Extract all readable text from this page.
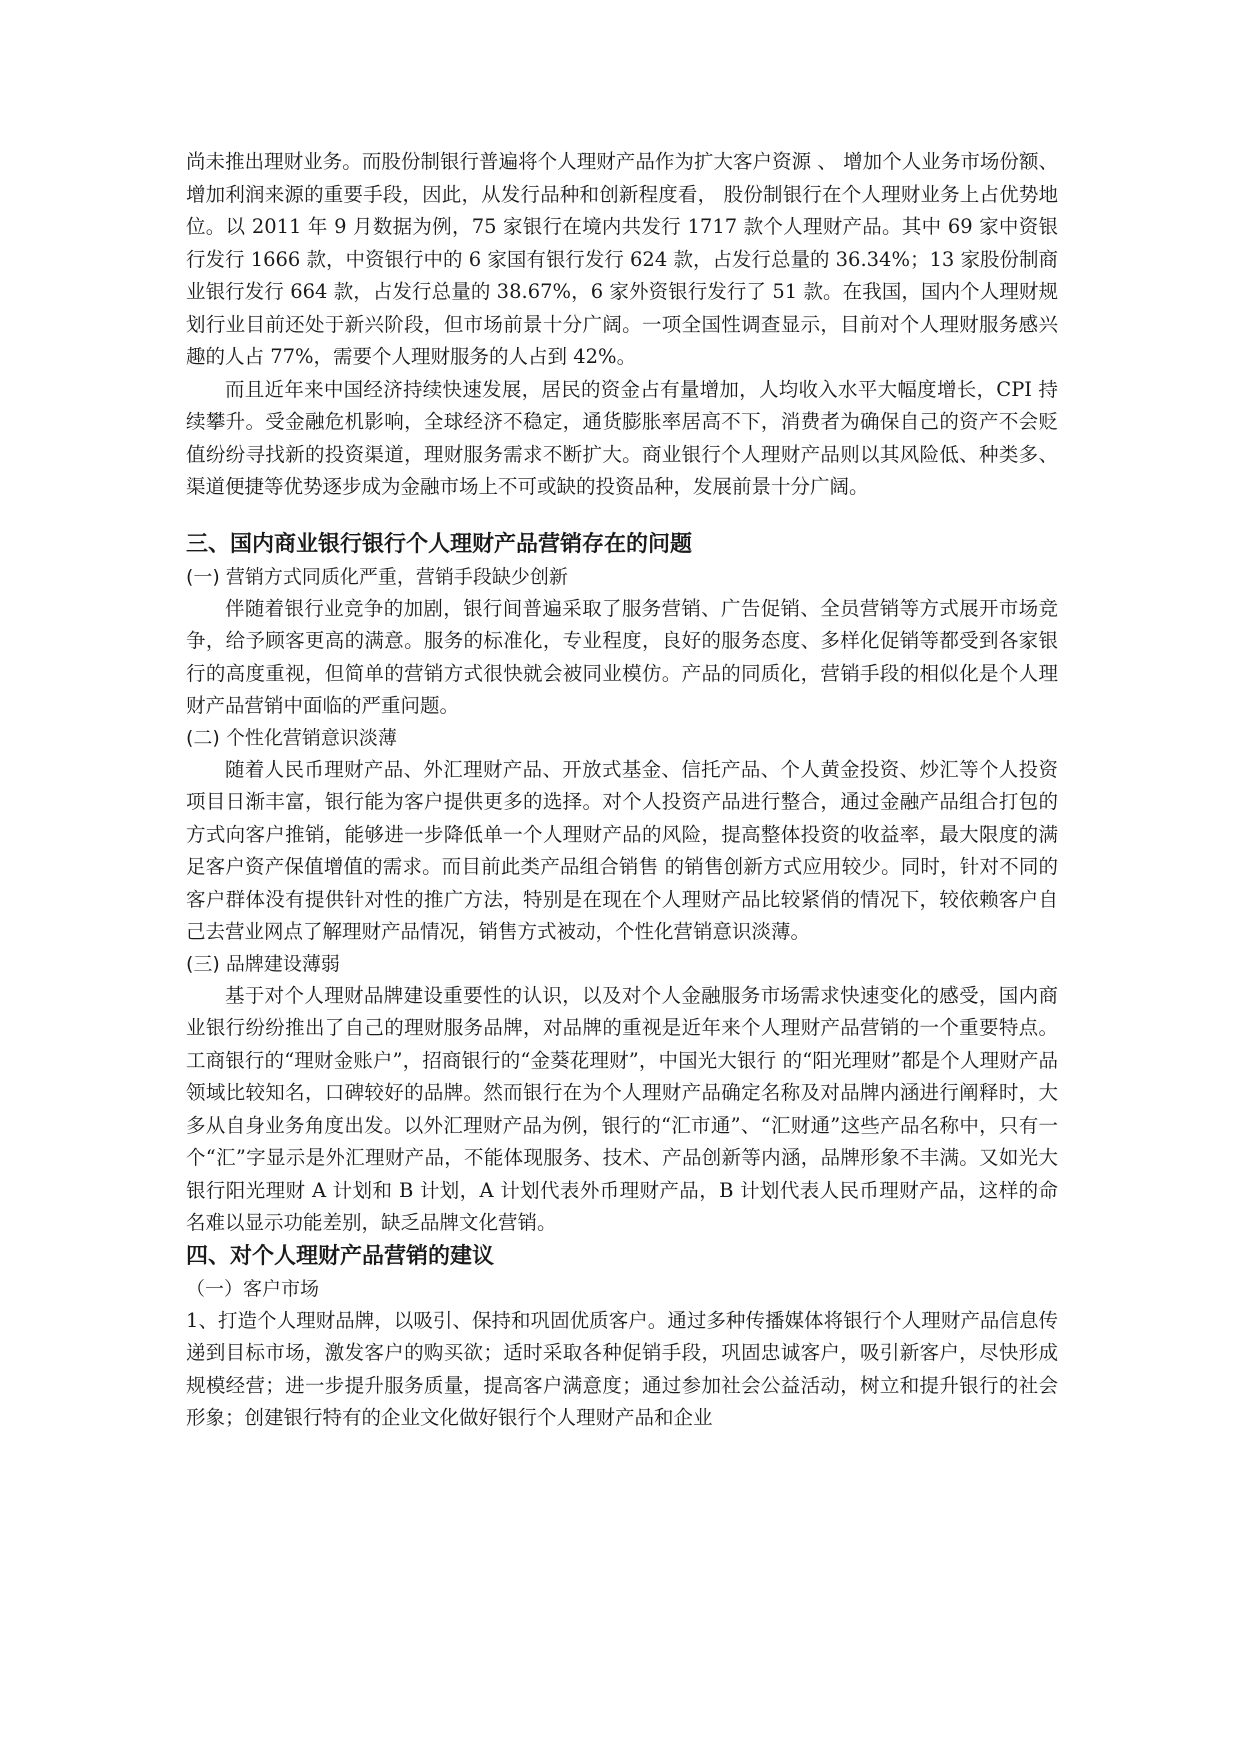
尚未推出理财业务。而股份制银行普遍将个人理财产品作为扩大客户资源 、 增加个人业务市场份额、增加利润来源的重要手段，因此，从发行品种和创新程度看， 股份制银行在个人理财业务上占优势地位。以 2011 年 9 月数据为例，75 家银行在境内共发行 1717 款个人理财产品。其中 69 家中资银行发行 1666 款，中资银行中的 6 家国有银行发行 624 款，占发行总量的 36.34%；13 家股份制商业银行发行 664 款，占发行总量的 38.67%，6 家外资银行发行了 51 款。在我国，国内个人理财规划行业目前还处于新兴阶段，但市场前景十分广阔。一项全国性调查显示，目前对个人理财服务感兴趣的人占 77%，需要个人理财服务的人占到 42%。

而且近年来中国经济持续快速发展，居民的资金占有量增加，人均收入水平大幅度增长，CPI 持续攀升。受金融危机影响，全球经济不稳定，通货膨胀率居高不下，消费者为确保自己的资产不会贬值纷纷寻找新的投资渠道，理财服务需求不断扩大。商业银行个人理财产品则以其风险低、种类多、渠道便捷等优势逐步成为金融市场上不可或缺的投资品种，发展前景十分广阔。

三、国内商业银行银行个人理财产品营销存在的问题

(一) 营销方式同质化严重，营销手段缺少创新

伴随着银行业竞争的加剧，银行间普遍采取了服务营销、广告促销、全员营销等方式展开市场竞争，给予顾客更高的满意。服务的标准化，专业程度，良好的服务态度、多样化促销等都受到各家银行的高度重视，但简单的营销方式很快就会被同业模仿。产品的同质化，营销手段的相似化是个人理财产品营销中面临的严重问题。

(二) 个性化营销意识淡薄

随着人民币理财产品、外汇理财产品、开放式基金、信托产品、个人黄金投资、炒汇等个人投资项目日渐丰富，银行能为客户提供更多的选择。对个人投资产品进行整合，通过金融产品组合打包的方式向客户推销，能够进一步降低单一个人理财产品的风险，提高整体投资的收益率，最大限度的满足客户资产保值增值的需求。而目前此类产品组合销售 的销售创新方式应用较少。同时，针对不同的客户群体没有提供针对性的推广方法，特别是在现在个人理财产品比较紧俏的情况下，较依赖客户自己去营业网点了解理财产品情况，销售方式被动，个性化营销意识淡薄。

(三) 品牌建设薄弱

基于对个人理财品牌建设重要性的认识，以及对个人金融服务市场需求快速变化的感受，国内商业银行纷纷推出了自己的理财服务品牌，对品牌的重视是近年来个人理财产品营销的一个重要特点。工商银行的“理财金账户”，招商银行的“金葵花理财”，中国光大银行 的“阳光理财”都是个人理财产品领域比较知名，口碑较好的品牌。然而银行在为个人理财产品确定名称及对品牌内涵进行阐释时，大多从自身业务角度出发。以外汇理财产品为例，银行的“汇市通”、“汇财通”这些产品名称中，只有一个“汇”字显示是外汇理财产品，不能体现服务、技术、产品创新等内涵，品牌形象不丰满。又如光大银行阳光理财 A 计划和 B 计划，A 计划代表外币理财产品，B 计划代表人民币理财产品，这样的命名难以显示功能差别，缺乏品牌文化营销。

四、对个人理财产品营销的建议

（一）客户市场

1、打造个人理财品牌，以吸引、保持和巩固优质客户。通过多种传播媒体将银行个人理财产品信息传递到目标市场，激发客户的购买欲；适时采取各种促销手段，巩固忠诚客户，吸引新客户，尽快形成规模经营；进一步提升服务质量，提高客户满意度；通过参加社会公益活动，树立和提升银行的社会形象；创建银行特有的企业文化做好银行个人理财产品和企业
